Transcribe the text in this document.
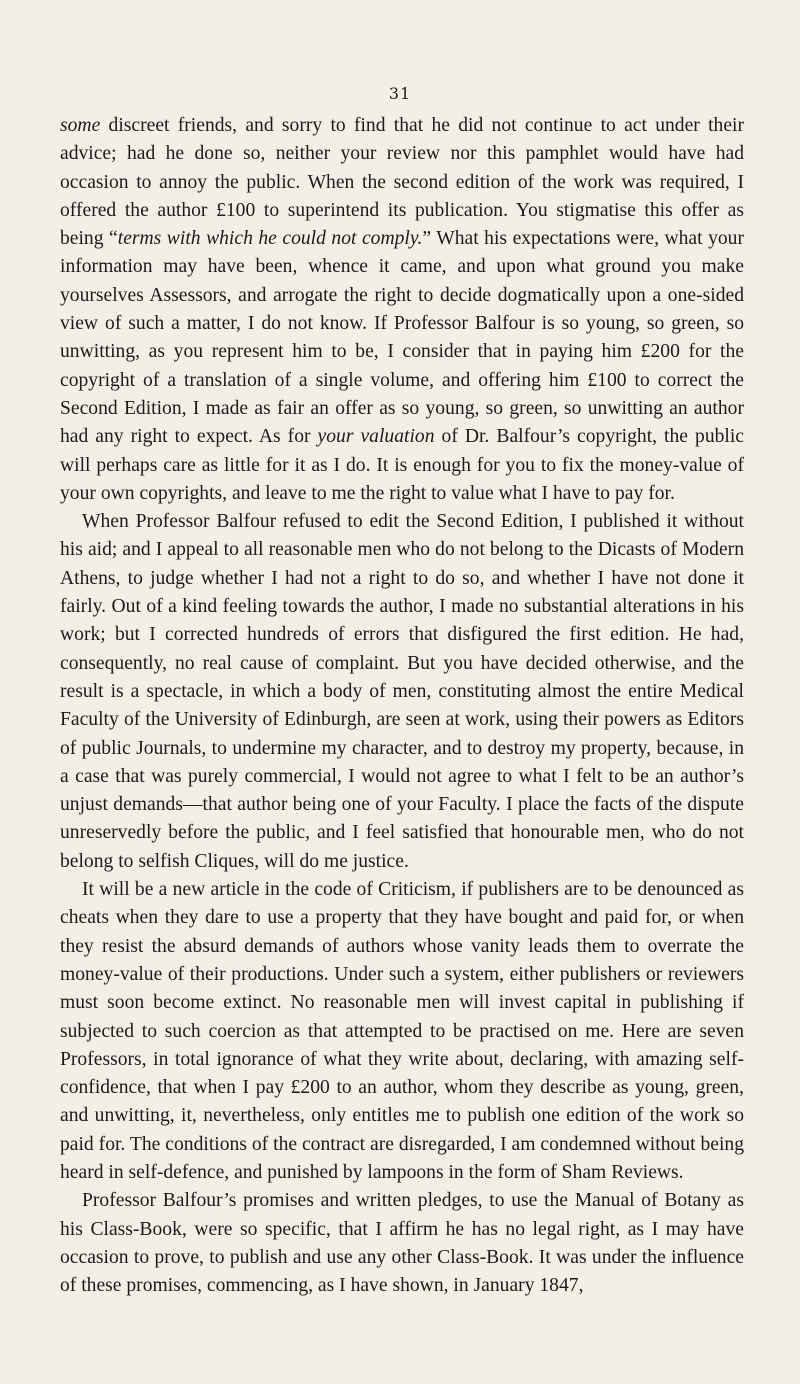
31

some discreet friends, and sorry to find that he did not continue to act under their advice; had he done so, neither your review nor this pamphlet would have had occasion to annoy the public. When the second edition of the work was required, I offered the author £100 to superintend its publication. You stigmatise this offer as being “terms with which he could not comply.” What his expectations were, what your information may have been, whence it came, and upon what ground you make yourselves Assessors, and arrogate the right to decide dogmatically upon a one-sided view of such a matter, I do not know. If Professor Balfour is so young, so green, so unwitting, as you represent him to be, I consider that in paying him £200 for the copyright of a translation of a single volume, and offering him £100 to correct the Second Edition, I made as fair an offer as so young, so green, so unwitting an author had any right to expect. As for your valuation of Dr. Balfour’s copyright, the public will perhaps care as little for it as I do. It is enough for you to fix the money-value of your own copyrights, and leave to me the right to value what I have to pay for.

When Professor Balfour refused to edit the Second Edition, I published it without his aid; and I appeal to all reasonable men who do not belong to the Dicasts of Modern Athens, to judge whether I had not a right to do so, and whether I have not done it fairly. Out of a kind feeling towards the author, I made no substantial alterations in his work; but I corrected hundreds of errors that disfigured the first edition. He had, consequently, no real cause of complaint. But you have decided otherwise, and the result is a spectacle, in which a body of men, constituting almost the entire Medical Faculty of the University of Edinburgh, are seen at work, using their powers as Editors of public Journals, to undermine my character, and to destroy my property, because, in a case that was purely commercial, I would not agree to what I felt to be an author’s unjust demands—that author being one of your Faculty. I place the facts of the dispute unreservedly before the public, and I feel satisfied that honourable men, who do not belong to selfish Cliques, will do me justice.

It will be a new article in the code of Criticism, if publishers are to be denounced as cheats when they dare to use a property that they have bought and paid for, or when they resist the absurd demands of authors whose vanity leads them to overrate the money-value of their productions. Under such a system, either publishers or reviewers must soon become extinct. No reasonable men will invest capital in publishing if subjected to such coercion as that attempted to be practised on me. Here are seven Professors, in total ignorance of what they write about, declaring, with amazing self-confidence, that when I pay £200 to an author, whom they describe as young, green, and unwitting, it, nevertheless, only entitles me to publish one edition of the work so paid for. The conditions of the contract are disregarded, I am condemned without being heard in self-defence, and punished by lampoons in the form of Sham Reviews.

Professor Balfour’s promises and written pledges, to use the Manual of Botany as his Class-Book, were so specific, that I affirm he has no legal right, as I may have occasion to prove, to publish and use any other Class-Book. It was under the influence of these promises, commencing, as I have shown, in January 1847,
